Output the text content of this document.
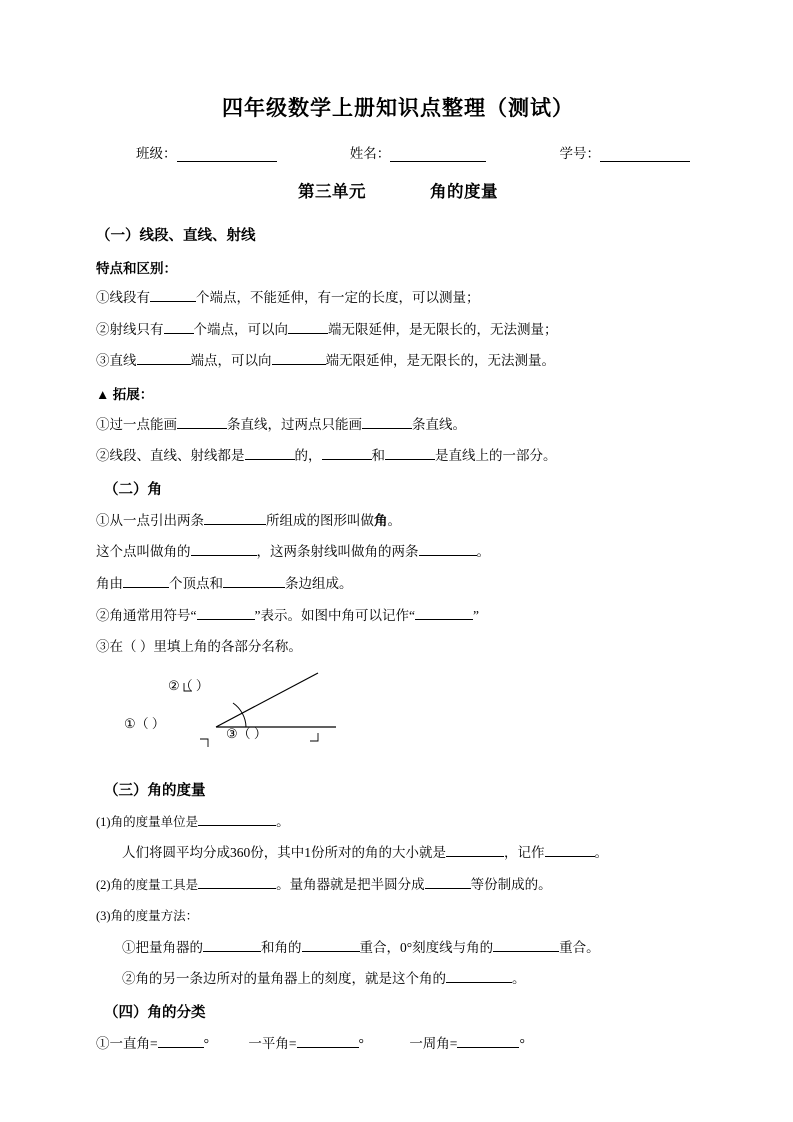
四年级数学上册知识点整理（测试）
班级：	姓名：	学号：
第三单元	角的度量
（一）线段、直线、射线
特点和区别：

①线段有	个端点，不能延伸，有一定的长度，可以测量；

②射线只有 个端点，可以向	端无限延伸，是无限长的，无法测量；

③直线	端点，可以向	端无限延伸，是无限长的，无法测量。

▲ 拓展：

①过一点能画	条直线，过两点只能画	条直线。

②线段、直线、射线都是	的，	和	是直线上的一部分。

（二）角

①从一点引出两条	所组成的图形叫做角。

这个点叫做角的	，这两条射线叫做角的两条	。

角由	个顶点和	条边组成。

②角通常用符号“	”表示。如图中角可以记作“	”

③在（ ）里填上角的各部分名称。

②（ ）
①（ ）
③（ ）
（三）角的度量

(1)角的度量单位是	。

人们将圆平均分成360份，其中1份所对的角的大小就是	，记作	。

(2)角的度量工具是	。量角器就是把半圆分成	等份制成的。

(3)角的度量方法：

①把量角器的	和角的	重合，0°刻度线与角的	重合。

②角的另一条边所对的量角器上的刻度，就是这个角的	。

（四）角的分类

①一直角=	°	一平角=	°	一周角=	°
